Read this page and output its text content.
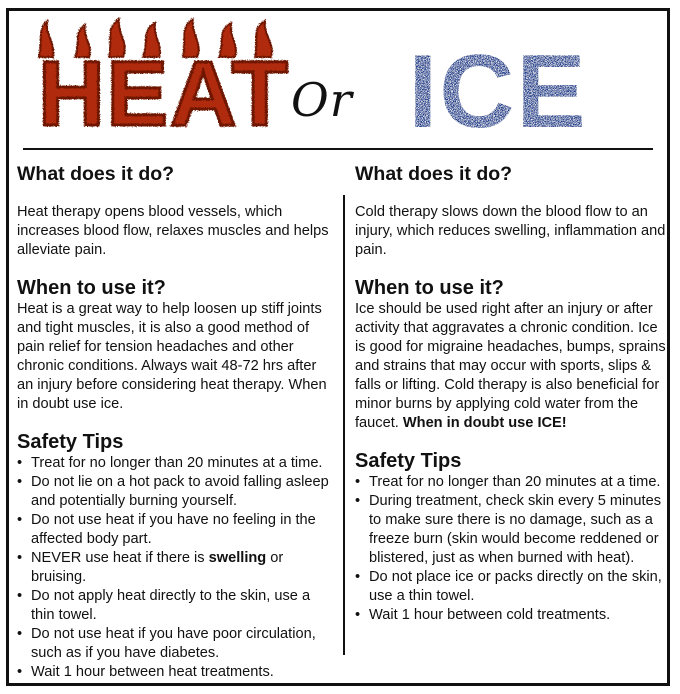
HEAT Or ICE
What does it do?

Heat therapy opens blood vessels, which increases blood flow, relaxes muscles and helps alleviate pain.

When to use it?

Heat is a great way to help loosen up stiff joints and tight muscles, it is also a good method of pain relief for tension headaches and other chronic conditions. Always wait 48-72 hrs after an injury before considering heat therapy. When in doubt use ice.

Safety Tips
• Treat for no longer than 20 minutes at a time.
• Do not lie on a hot pack to avoid falling asleep and potentially burning yourself.
• Do not use heat if you have no feeling in the affected body part.
• NEVER use heat if there is swelling or bruising.
• Do not apply heat directly to the skin, use a thin towel.
• Do not use heat if you have poor circulation, such as if you have diabetes.
• Wait 1 hour between heat treatments.
What does it do?

Cold therapy slows down the blood flow to an injury, which reduces swelling, inflammation and pain.

When to use it?

Ice should be used right after an injury or after activity that aggravates a chronic condition. Ice is good for migraine headaches, bumps, sprains and strains that may occur with sports, slips & falls or lifting. Cold therapy is also beneficial for minor burns by applying cold water from the faucet. When in doubt use ICE!

Safety Tips
• Treat for no longer than 20 minutes at a time.
• During treatment, check skin every 5 minutes to make sure there is no damage, such as a freeze burn (skin would become reddened or blistered, just as when burned with heat).
• Do not place ice or packs directly on the skin, use a thin towel.
• Wait 1 hour between cold treatments.
